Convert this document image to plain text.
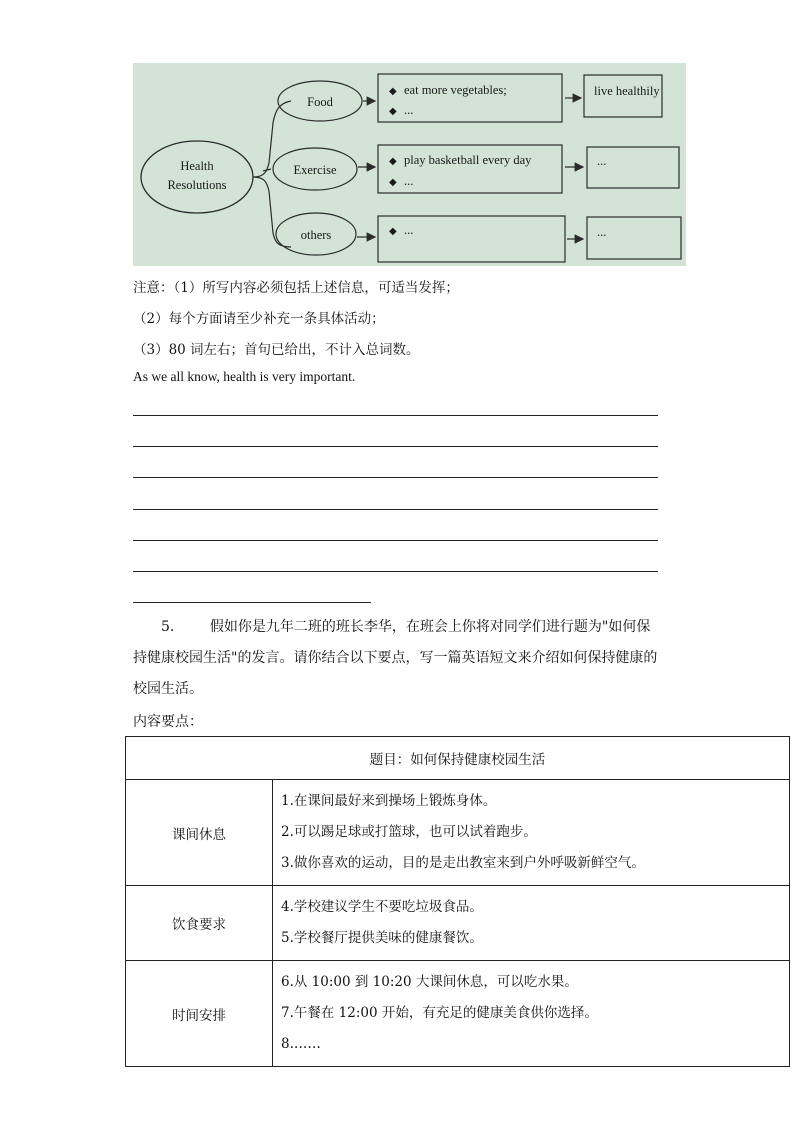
Health
Resolutions
Food
◆ eat more vegetables;
◆ ...
live healthily
Exercise
◆ play basketball every day
◆ ...
...
others	◆ ...	...
注意：（1）所写内容必须包括上述信息，可适当发挥；
（2）每个方面请至少补充一条具体活动；
（3）80 词左右；首句已给出，不计入总词数。
As we all know, health is very important.
5． 假如你是九年二班的班长李华，在班会上你将对同学们进行题为"如何保持健康校园生活"的发言。请你结合以下要点，写一篇英语短文来介绍如何保持健康的校园生活。
内容要点：
题目：如何保持健康校园生活	
课间休息	1.在课间最好来到操场上锻炼身体。
2.可以踢足球或打篮球，也可以试着跑步。
3.做你喜欢的运动，目的是走出教室来到户外呼吸新鲜空气。

饮食要求	4.学校建议学生不要吃垃圾食品。
5.学校餐厅提供美味的健康餐饮。

时间安排	6.从 10:00 到 10:20 大课间休息，可以吃水果。
7.午餐在 12:00 开始，有充足的健康美食供你选择。
8.……
